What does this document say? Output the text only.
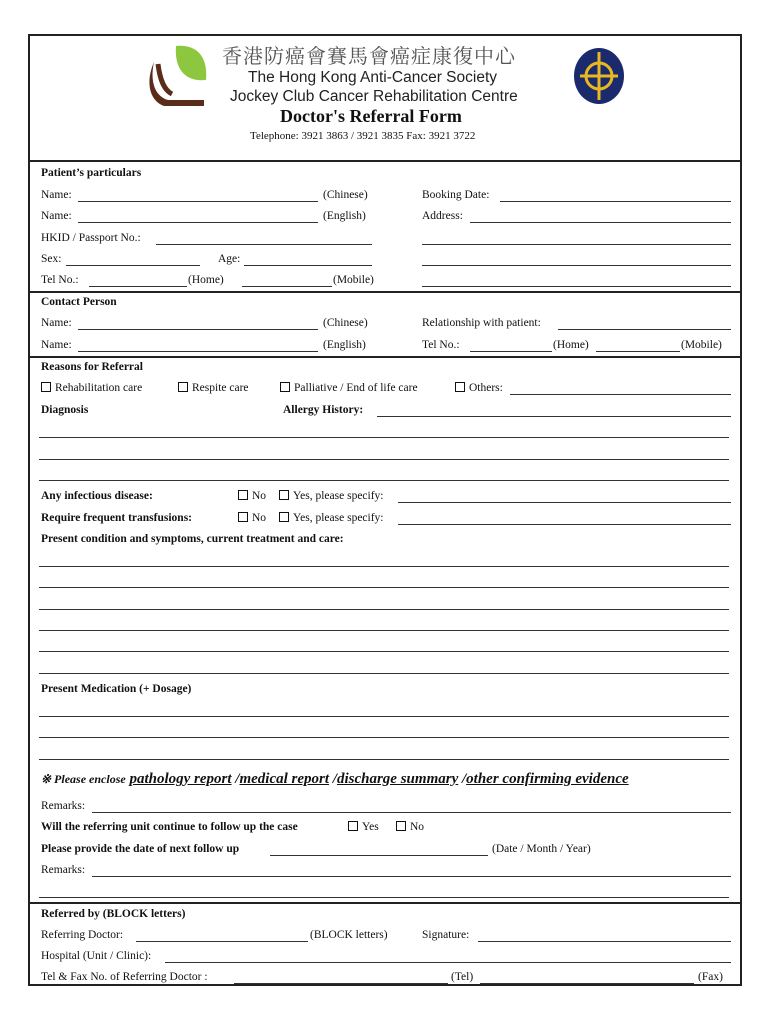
香港防癌會賽馬會癌症康復中心
The Hong Kong Anti-Cancer Society
Jockey Club Cancer Rehabilitation Centre
Doctor's Referral Form
Telephone: 3921 3863 / 3921 3835 Fax: 3921 3722
Patient’s particulars
Name:	(Chinese)	Booking Date:
Name:	(English)	Address:
HKID / Passport No.:
Sex:	Age:
Tel No.:	(Home)	(Mobile)
Contact Person
Name:	(Chinese)	Relationship with patient:
Name:	(English)	Tel No.:	(Home)	(Mobile)
Reasons for Referral
Rehabilitation care	Respite care	Palliative / End of life care	Others:
Diagnosis	Allergy History:
Any infectious disease:	No	Yes, please specify:
Require frequent transfusions:	No	Yes, please specify:
Present condition and symptoms, current treatment and care:
Present Medication (+ Dosage)
※ Please enclose pathology report /medical report /discharge summary /other confirming evidence
Remarks:
Will the referring unit continue to follow up the case	Yes	No
Please provide the date of next follow up	(Date / Month / Year)
Remarks:
Referred by (BLOCK letters)
Referring Doctor:	(BLOCK letters)	Signature:
Hospital (Unit / Clinic):
Tel & Fax No. of Referring Doctor :	(Tel)	(Fax)
